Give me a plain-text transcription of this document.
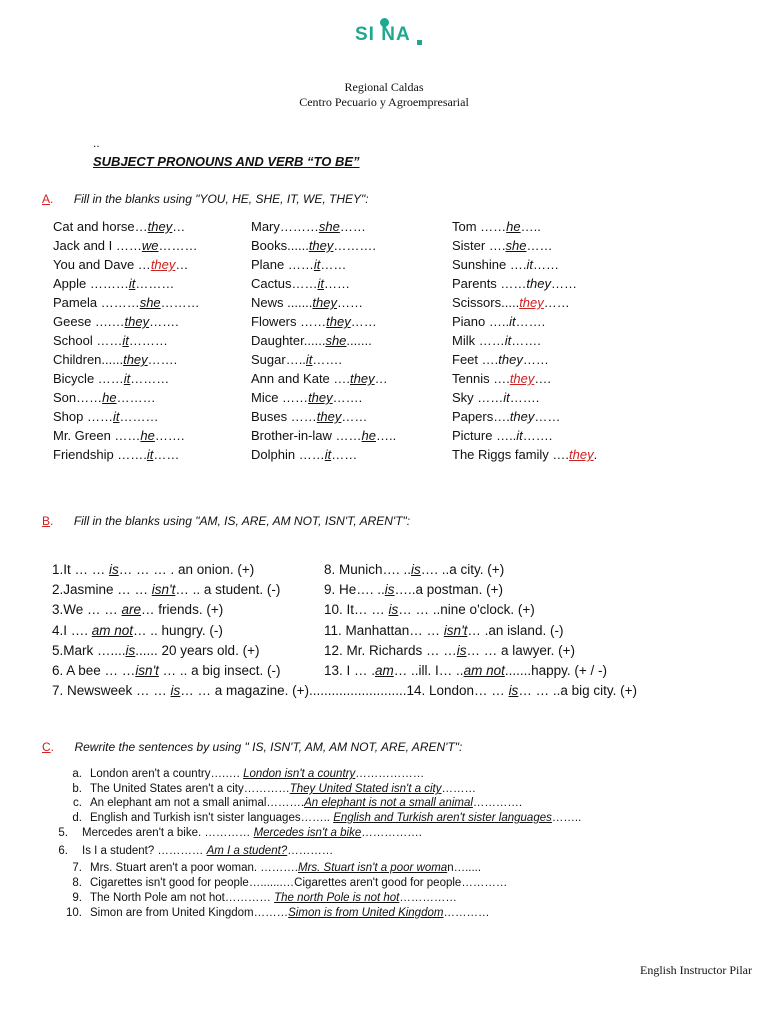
SI NA
Regional Caldas
Centro Pecuario y Agroempresarial
..
SUBJECT PRONOUNS AND VERB “TO BE”
A. Fill in the blanks using "YOU, HE, SHE, IT, WE, THEY":
Cat and horse…they…
Jack and I ……we………
You and Dave …they…
Apple ………it………
Pamela ………she………
Geese ….…they…….
School ……it………
Children......they…….
Bicycle ……it………
Son……he………
Shop ……it………
Mr. Green ……he…….
Friendship …….it……
Mary………she……
Books......they……….
Plane ……it……
Cactus……it……
News .......they……
Flowers ……they……
Daughter......she.......
Sugar…..it…….
Ann and Kate ….they…
Mice ……they…….
Buses ……they……
Brother-in-law ……he…..
Dolphin ……it……
Tom ……he…..
Sister ….she……
Sunshine ….it……
Parents ……they……
Scissors.....they……
Piano …..it…….
Milk ……it…….
Feet ….they……
Tennis ….they….
Sky ……it…….
Papers….they……
Picture …..it…….
The Riggs family ….they.
B. Fill in the blanks using "AM, IS, ARE, AM NOT, ISN'T, AREN'T":
1.It … … is… … … . an onion. (+)
2.Jasmine … … isn't… .. a student. (-)
3.We … … are… friends. (+)
4.I …. am not… .. hungry. (-)
5.Mark …....is...... 20 years old. (+)
6. A bee … …isn't … .. a big insect. (-)
8. Munich…. ..is…. ..a city. (+)
9. He…. ..is…..a postman. (+)
10. It… … is… … ..nine o'clock. (+)
11. Manhattan… … isn't… .an island. (-)
12. Mr. Richards … …is… … a lawyer. (+)
13. I … .am… ..ill. I… ..am not.......happy. (+ / -)
7. Newsweek … … is… … a magazine. (+)..........................14. London… … is… … ..a big city. (+)
C. Rewrite the sentences by using " IS, ISN'T, AM, AM NOT, ARE, AREN'T":
a. London aren't a country….…. London isn't a country………………
b. The United States aren't a city…………They United Stated isn't a city………
c. An elephant am not a small animal……….An elephant is not a small animal………….
d. English and Turkish isn't sister languages…….. English and Turkish aren't sister languages……..
5. Mercedes aren't a bike. ………… Mercedes isn't a bike…………….
6. Is I a student? ………… Am I a student?…………
7. Mrs. Stuart aren't a poor woman. ……….Mrs. Stuart isn't a poor woman….....
8. Cigarettes isn't good for people….......…Cigarettes aren't good for people…………
9. The North Pole am not hot………… The north Pole is not hot……………
10. Simon are from United Kingdom………Simon is from United Kingdom…………
English Instructor Pilar
